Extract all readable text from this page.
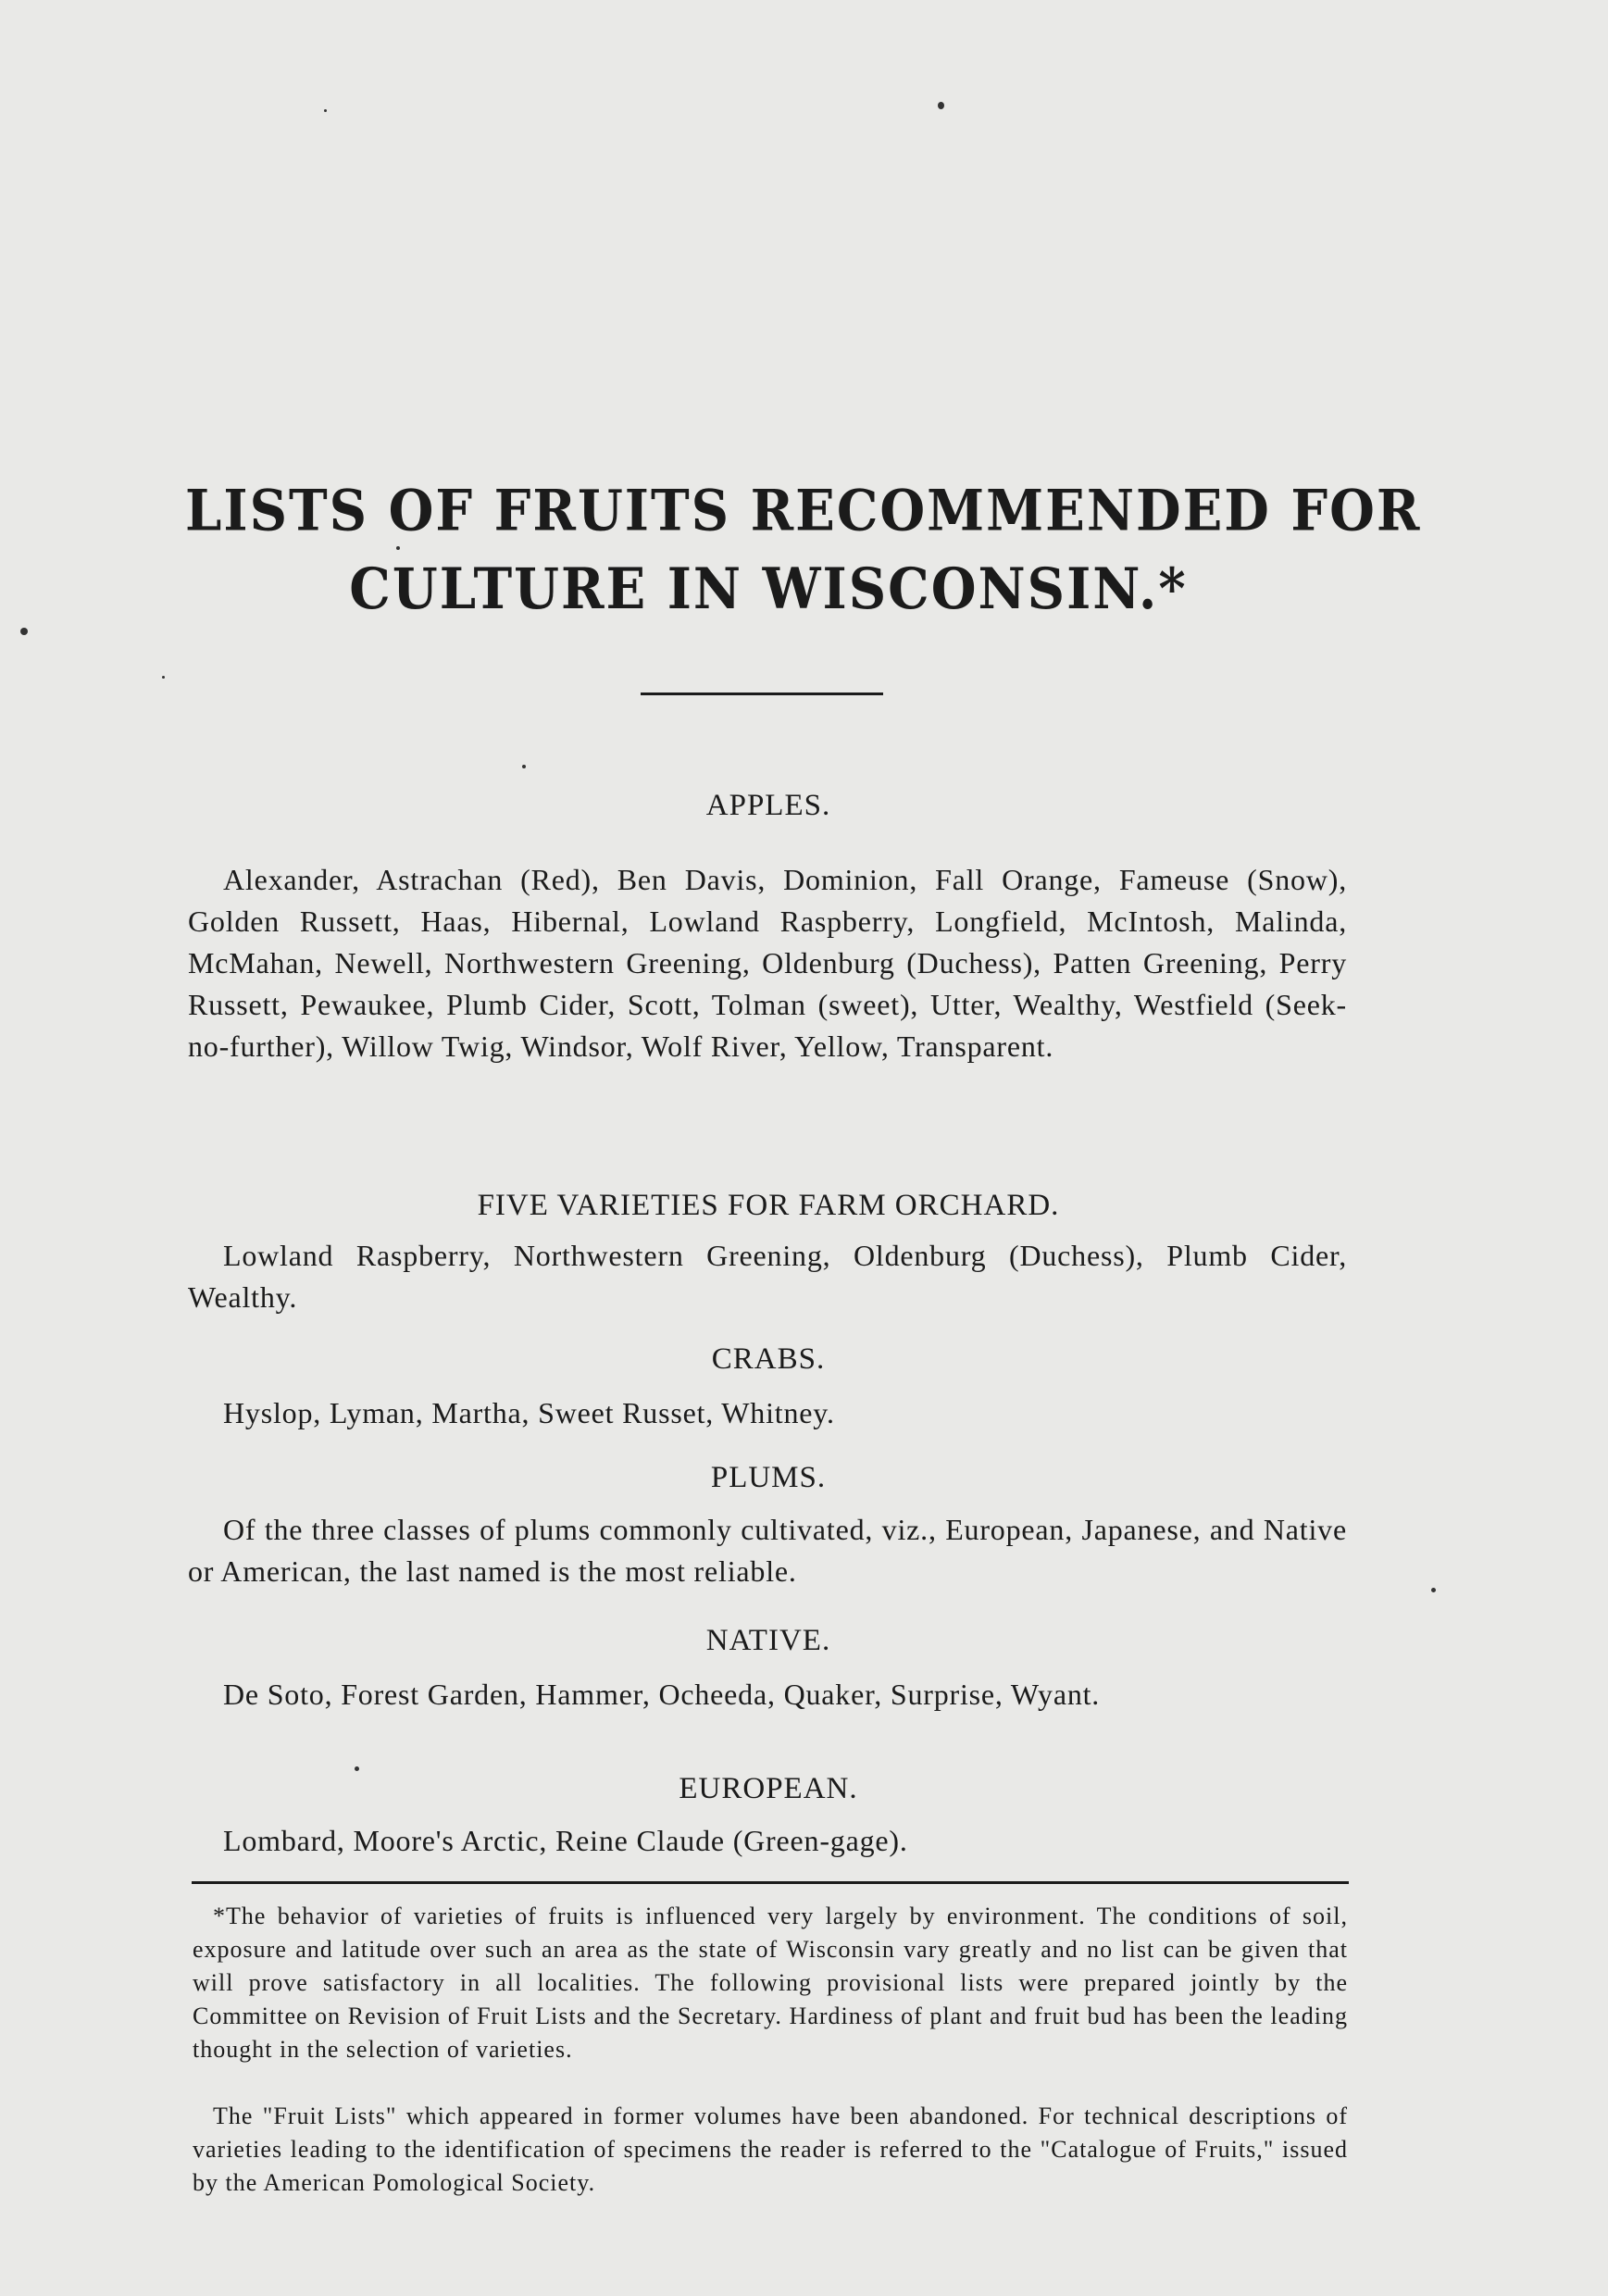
LISTS OF FRUITS RECOMMENDED FOR
CULTURE IN WISCONSIN.*
APPLES.
Alexander, Astrachan (Red), Ben Davis, Dominion, Fall Orange, Fameuse (Snow), Golden Russett, Haas, Hibernal, Lowland Raspberry, Longfield, McIntosh, Malinda, McMahan, Newell, Northwestern Greening, Oldenburg (Duchess), Patten Greening, Perry Russett, Pewaukee, Plumb Cider, Scott, Tolman (sweet), Utter, Wealthy, Westfield (Seek-no-further), Willow Twig, Windsor, Wolf River, Yellow, Transparent.
FIVE VARIETIES FOR FARM ORCHARD.
Lowland Raspberry, Northwestern Greening, Oldenburg (Duchess), Plumb Cider, Wealthy.
CRABS.
Hyslop, Lyman, Martha, Sweet Russet, Whitney.
PLUMS.
Of the three classes of plums commonly cultivated, viz., European, Japanese, and Native or American, the last named is the most reliable.
NATIVE.
De Soto, Forest Garden, Hammer, Ocheeda, Quaker, Surprise, Wyant.
EUROPEAN.
Lombard, Moore's Arctic, Reine Claude (Green-gage).
*The behavior of varieties of fruits is influenced very largely by environment. The conditions of soil, exposure and latitude over such an area as the state of Wisconsin vary greatly and no list can be given that will prove satisfactory in all localities. The following provisional lists were prepared jointly by the Committee on Revision of Fruit Lists and the Secretary. Hardiness of plant and fruit bud has been the leading thought in the selection of varieties.
The "Fruit Lists" which appeared in former volumes have been abandoned. For technical descriptions of varieties leading to the identification of specimens the reader is referred to the "Catalogue of Fruits," issued by the American Pomological Society.
